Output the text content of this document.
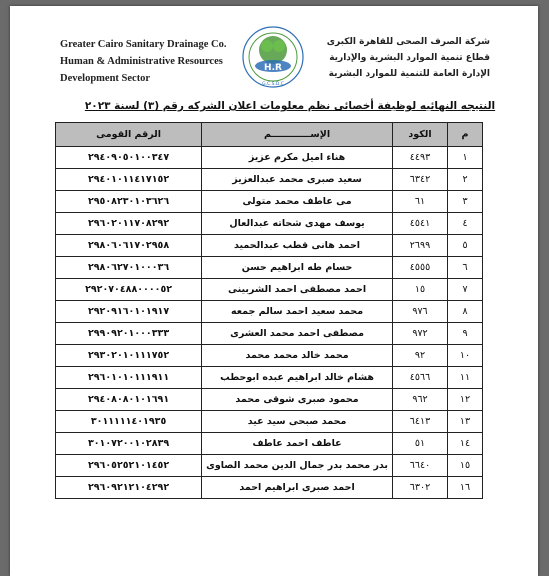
Greater Cairo Sanitary Drainage Co.
Human & Administrative Resources
Development Sector
H.R
G.C.S.D.C
شركة الصرف الصحى للقاهرة الكبرى
قطاع تنمية الموارد البشرية والإدارية
الإدارة العامة للتنمية للموارد البشرية
النتيجه النهائيه لوظيفة أخصائى نظم معلومات اعلان الشركه رقم (٣) لسنة ٢٠٢٣
م	الكود	الإســــــــــــم	الرقم القومى
١	٤٤٩٣	هناء اميل مكرم عزيز	٢٩٤٠٩٠٥٠١٠٠٣٤٧
٢	٦٣٤٢	سعيد صبرى محمد عبدالعزيز	٢٩٤٠١٠١١٤١٧١٥٢
٣	٦١	مى عاطف محمد متولى	٢٩٥٠٨٢٣٠١٠٣٦٢٦
٤	٤٥٤١	يوسف مهدى شحاته عبدالعال	٢٩٦٠٢٠١١٧٠٨٢٩٢
٥	٢٦٩٩	احمد هانى قطب عبدالحميد	٢٩٨٠٦٠٦١٧٠٢٩٥٨
٦	٤٥٥٥	حسام طه ابراهيم حسن	٢٩٨٠٦٢٧٠١٠٠٠٣٦
٧	١٥	احمد مصطفى احمد الشربينى	٢٩٢٠٧٠٤٨٨٠٠٠٠٥٢
٨	٩٧٦	محمد سعيد احمد سالم جمعه	٢٩٢٠٩١٦٠١٠١٩١٧
٩	٩٧٢	مصطفى احمد محمد العشرى	٢٩٩٠٩٢٠١٠٠٠٣٣٣
١٠	٩٢	محمد خالد محمد محمد	٢٩٣٠٢٠١٠١١١٧٥٢
١١	٤٥٦٦	هشام خالد ابراهيم عبده ابوحطب	٢٩٦٠١٠١٠١١١٩١١
١٢	٩٦٢	محمود صبرى شوقى محمد	٢٩٤٠٨٠٨٠١٠١٦٩١
١٣	٦٤١٣	محمد صبحى سيد عيد	٣٠١١١١١٤٠١٩٣٥
١٤	٥١	عاطف احمد عاطف	٣٠١٠٧٢٠٠١٠٢٨٣٩
١٥	٦٦٤٠	بدر محمد بدر جمال الدين محمد الصاوى	٢٩٦٠٥٢٥٢١٠١٤٥٢
١٦	٦٣٠٢	احمد صبرى ابراهيم احمد	٢٩٦٠٩٢١٢١٠٤٢٩٢
